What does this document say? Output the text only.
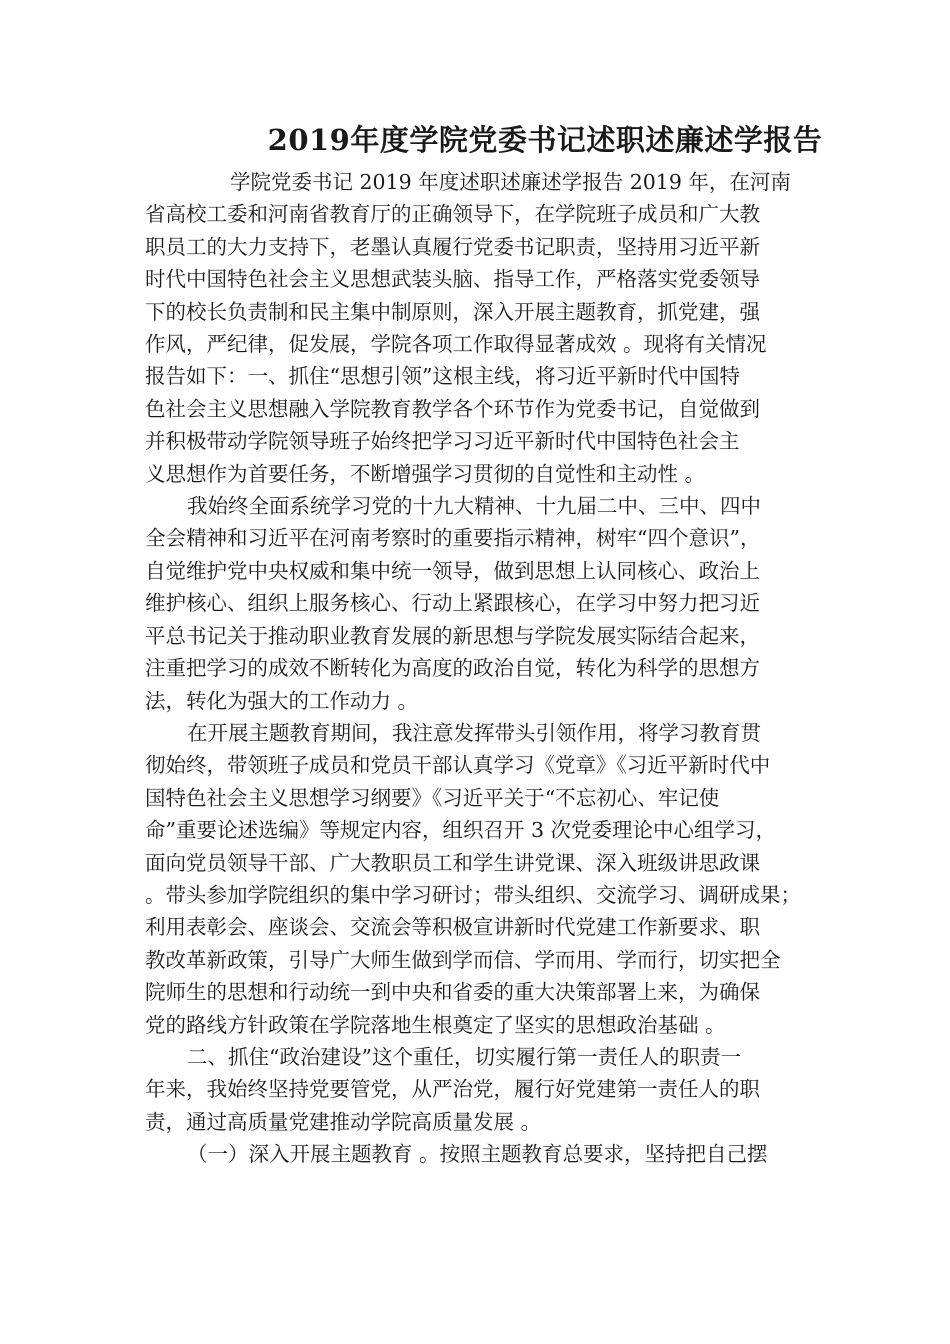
2019年度学院党委书记述职述廉述学报告
学院党委书记 2019 年度述职述廉述学报告 2019 年，在河南
省高校工委和河南省教育厅的正确领导下，在学院班子成员和广大教
职员工的大力支持下，老墨认真履行党委书记职责，坚持用习近平新
时代中国特色社会主义思想武装头脑、指导工作，严格落实党委领导
下的校长负责制和民主集中制原则，深入开展主题教育，抓党建，强
作风，严纪律，促发展，学院各项工作取得显著成效 。现将有关情况
报告如下：一、抓住“思想引领”这根主线，将习近平新时代中国特
色社会主义思想融入学院教育教学各个环节作为党委书记，自觉做到
并积极带动学院领导班子始终把学习习近平新时代中国特色社会主
义思想作为首要任务，不断增强学习贯彻的自觉性和主动性 。
我始终全面系统学习党的十九大精神、十九届二中、三中、四中
全会精神和习近平在河南考察时的重要指示精神，树牢“四个意识”，
自觉维护党中央权威和集中统一领导，做到思想上认同核心、政治上
维护核心、组织上服务核心、行动上紧跟核心，在学习中努力把习近
平总书记关于推动职业教育发展的新思想与学院发展实际结合起来，
注重把学习的成效不断转化为高度的政治自觉，转化为科学的思想方
法，转化为强大的工作动力 。
在开展主题教育期间，我注意发挥带头引领作用，将学习教育贯
彻始终，带领班子成员和党员干部认真学习《党章》《习近平新时代中
国特色社会主义思想学习纲要》《习近平关于“不忘初心、牢记使
命”重要论述选编》等规定内容，组织召开 3 次党委理论中心组学习，
面向党员领导干部、广大教职员工和学生讲党课、深入班级讲思政课
。带头参加学院组织的集中学习研讨；带头组织、交流学习、调研成果；
利用表彰会、座谈会、交流会等积极宣讲新时代党建工作新要求、职
教改革新政策，引导广大师生做到学而信、学而用、学而行，切实把全
院师生的思想和行动统一到中央和省委的重大决策部署上来，为确保
党的路线方针政策在学院落地生根奠定了坚实的思想政治基础 。
二、抓住“政治建设”这个重任，切实履行第一责任人的职责一
年来，我始终坚持党要管党，从严治党，履行好党建第一责任人的职
责，通过高质量党建推动学院高质量发展 。
（一）深入开展主题教育 。按照主题教育总要求，坚持把自己摆
